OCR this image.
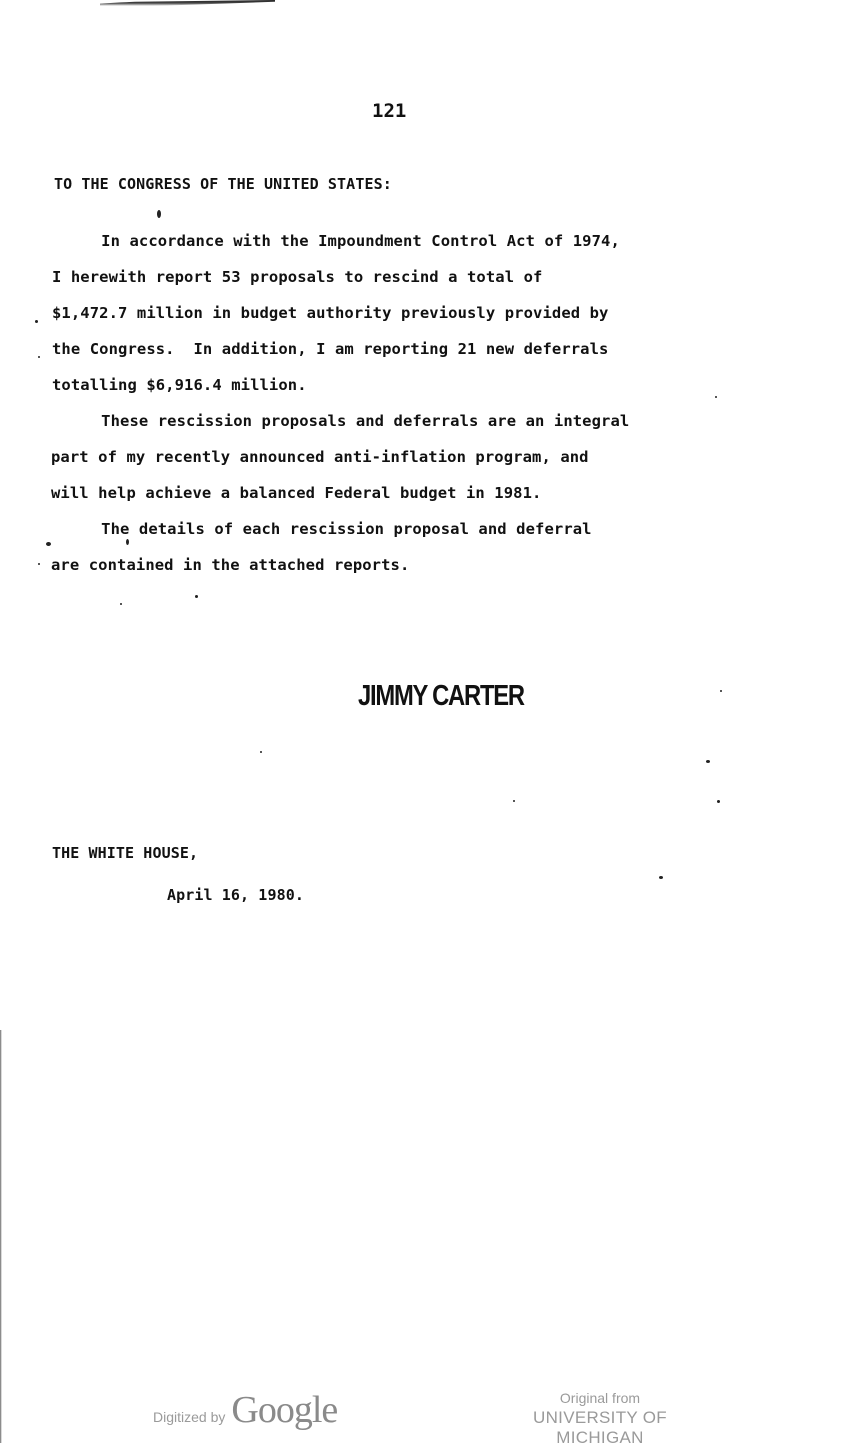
121
TO THE CONGRESS OF THE UNITED STATES:
In accordance with the Impoundment Control Act of 1974,
I herewith report 53 proposals to rescind a total of
$1,472.7 million in budget authority previously provided by
the Congress.  In addition, I am reporting 21 new deferrals
totalling $6,916.4 million.
These rescission proposals and deferrals are an integral
part of my recently announced anti-inflation program, and
will help achieve a balanced Federal budget in 1981.
The details of each rescission proposal and deferral
are contained in the attached reports.
JIMMY CARTER
THE WHITE HOUSE,
April 16, 1980.
Digitized by Google	Original from
UNIVERSITY OF MICHIGAN
